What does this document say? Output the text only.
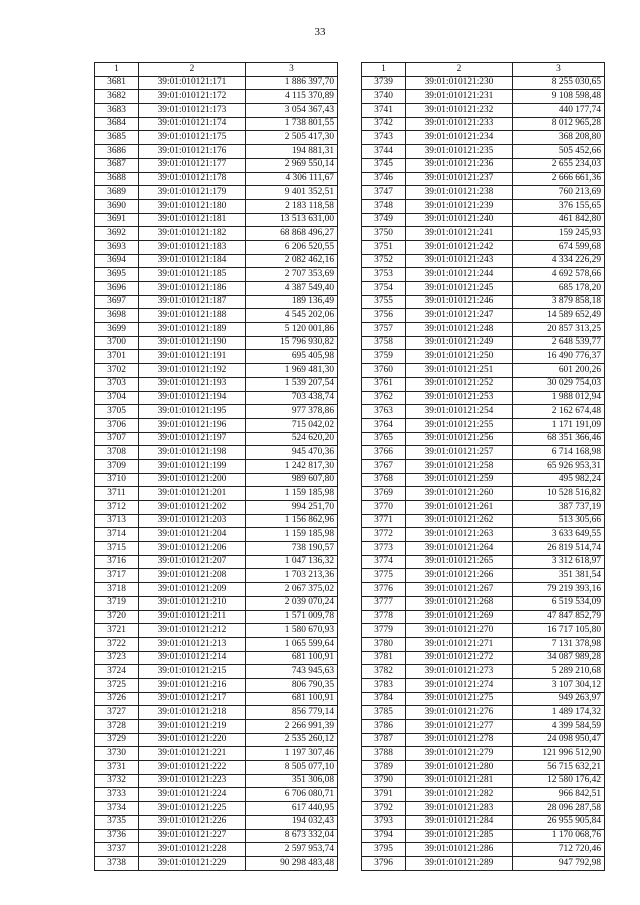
33
1	2	3
3681	39:01:010121:171	1 886 397,70
3682	39:01:010121:172	4 115 370,89
3683	39:01:010121:173	3 054 367,43
3684	39:01:010121:174	1 738 801,55
3685	39:01:010121:175	2 505 417,30
3686	39:01:010121:176	194 881,31
3687	39:01:010121:177	2 969 550,14
3688	39:01:010121:178	4 306 111,67
3689	39:01:010121:179	9 401 352,51
3690	39:01:010121:180	2 183 118,58
3691	39:01:010121:181	13 513 631,00
3692	39:01:010121:182	68 868 496,27
3693	39:01:010121:183	6 206 520,55
3694	39:01:010121:184	2 082 462,16
3695	39:01:010121:185	2 707 353,69
3696	39:01:010121:186	4 387 549,40
3697	39:01:010121:187	189 136,49
3698	39:01:010121:188	4 545 202,06
3699	39:01:010121:189	5 120 001,86
3700	39:01:010121:190	15 796 930,82
3701	39:01:010121:191	695 405,98
3702	39:01:010121:192	1 969 481,30
3703	39:01:010121:193	1 539 207,54
3704	39:01:010121:194	703 438,74
3705	39:01:010121:195	977 378,86
3706	39:01:010121:196	715 042,02
3707	39:01:010121:197	524 620,20
3708	39:01:010121:198	945 470,36
3709	39:01:010121:199	1 242 817,30
3710	39:01:010121:200	989 607,80
3711	39:01:010121:201	1 159 185,98
3712	39:01:010121:202	994 251,70
3713	39:01:010121:203	1 156 862,96
3714	39:01:010121:204	1 159 185,98
3715	39:01:010121:206	738 190,57
3716	39:01:010121:207	1 047 136,32
3717	39:01:010121:208	1 703 213,36
3718	39:01:010121:209	2 067 375,02
3719	39:01:010121:210	2 039 070,24
3720	39:01:010121:211	1 571 009,78
3721	39:01:010121:212	1 580 670,93
3722	39:01:010121:213	1 065 599,64
3723	39:01:010121:214	681 100,91
3724	39:01:010121:215	743 945,63
3725	39:01:010121:216	806 790,35
3726	39:01:010121:217	681 100,91
3727	39:01:010121:218	856 779,14
3728	39:01:010121:219	2 266 991,39
3729	39:01:010121:220	2 535 260,12
3730	39:01:010121:221	1 197 307,46
3731	39:01:010121:222	8 505 077,10
3732	39:01:010121:223	351 306,08
3733	39:01:010121:224	6 706 080,71
3734	39:01:010121:225	617 440,95
3735	39:01:010121:226	194 032,43
3736	39:01:010121:227	8 673 332,04
3737	39:01:010121:228	2 597 953,74
3738	39:01:010121:229	90 298 483,48
1	2	3
3739	39:01:010121:230	8 255 030,65
3740	39:01:010121:231	9 108 598,48
3741	39:01:010121:232	440 177,74
3742	39:01:010121:233	8 012 965,28
3743	39:01:010121:234	368 208,80
3744	39:01:010121:235	505 452,66
3745	39:01:010121:236	2 655 234,03
3746	39:01:010121:237	2 666 661,36
3747	39:01:010121:238	760 213,69
3748	39:01:010121:239	376 155,65
3749	39:01:010121:240	461 842,80
3750	39:01:010121:241	159 245,93
3751	39:01:010121:242	674 599,68
3752	39:01:010121:243	4 334 226,29
3753	39:01:010121:244	4 692 578,66
3754	39:01:010121:245	685 178,20
3755	39:01:010121:246	3 879 858,18
3756	39:01:010121:247	14 589 652,49
3757	39:01:010121:248	20 857 313,25
3758	39:01:010121:249	2 648 539,77
3759	39:01:010121:250	16 490 776,37
3760	39:01:010121:251	601 200,26
3761	39:01:010121:252	30 029 754,03
3762	39:01:010121:253	1 988 012,94
3763	39:01:010121:254	2 162 674,48
3764	39:01:010121:255	1 171 191,09
3765	39:01:010121:256	68 351 366,46
3766	39:01:010121:257	6 714 168,98
3767	39:01:010121:258	65 926 953,31
3768	39:01:010121:259	495 982,24
3769	39:01:010121:260	10 528 516,82
3770	39:01:010121:261	387 737,19
3771	39:01:010121:262	513 305,66
3772	39:01:010121:263	3 633 649,55
3773	39:01:010121:264	26 819 514,74
3774	39:01:010121:265	3 312 618,97
3775	39:01:010121:266	351 381,54
3776	39:01:010121:267	79 219 393,16
3777	39:01:010121:268	6 519 534,09
3778	39:01:010121:269	47 847 852,79
3779	39:01:010121:270	16 717 105,80
3780	39:01:010121:271	7 131 378,98
3781	39:01:010121:272	34 087 989,28
3782	39:01:010121:273	5 289 210,68
3783	39:01:010121:274	3 107 304,12
3784	39:01:010121:275	949 263,97
3785	39:01:010121:276	1 489 174,32
3786	39:01:010121:277	4 399 584,59
3787	39:01:010121:278	24 098 950,47
3788	39:01:010121:279	121 996 512,90
3789	39:01:010121:280	56 715 632,21
3790	39:01:010121:281	12 580 176,42
3791	39:01:010121:282	966 842,51
3792	39:01:010121:283	28 096 287,58
3793	39:01:010121:284	26 955 905,84
3794	39:01:010121:285	1 170 068,76
3795	39:01:010121:286	712 720,46
3796	39:01:010121:289	947 792,98
